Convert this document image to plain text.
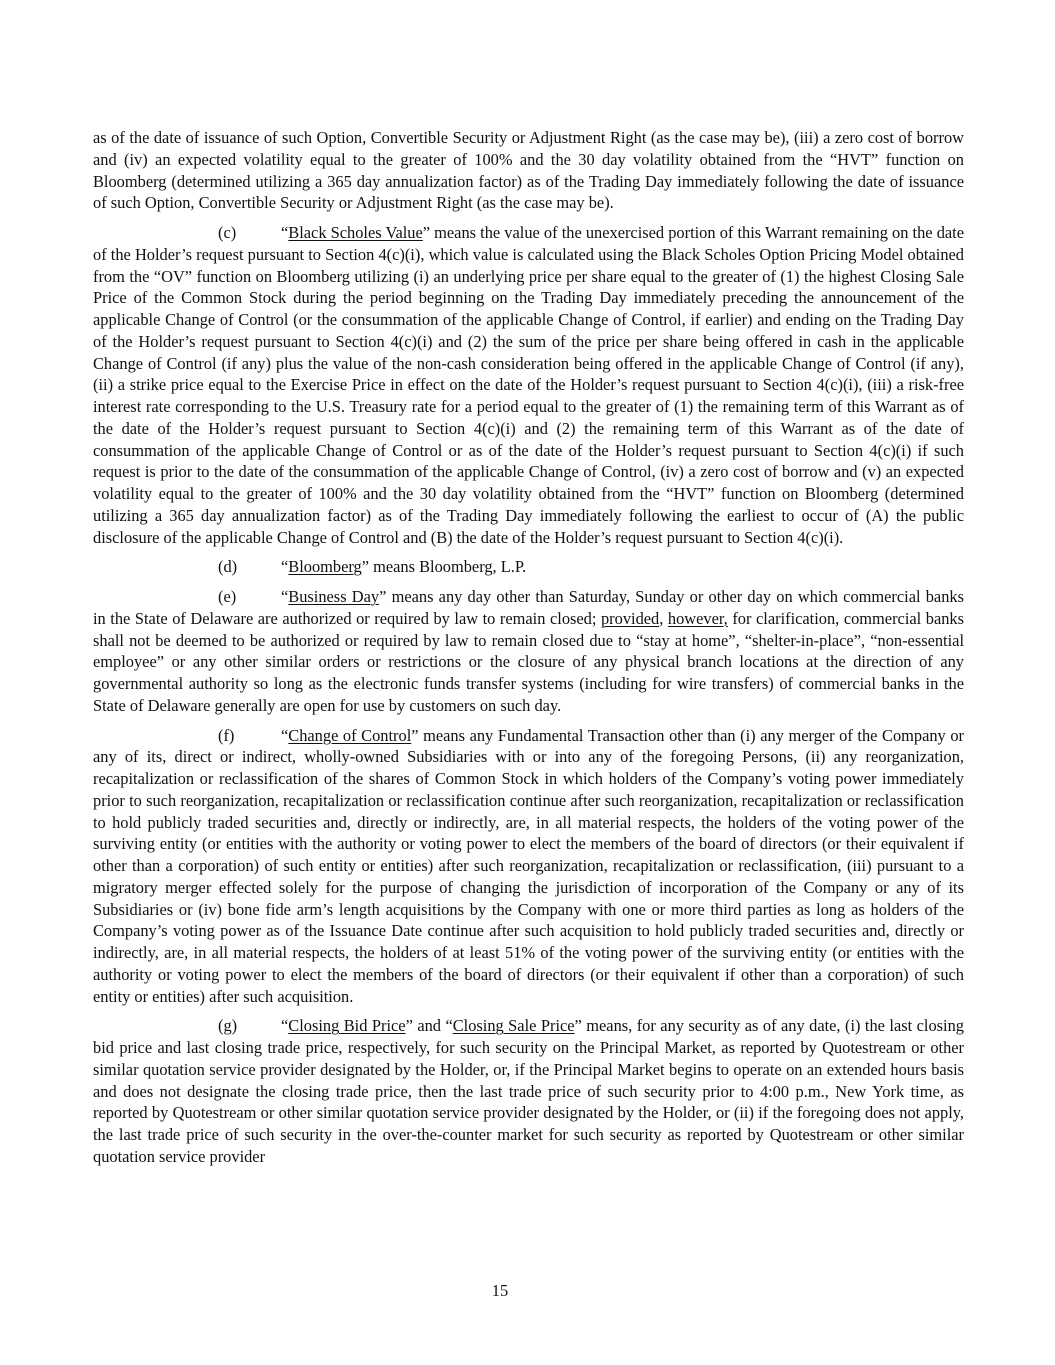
as of the date of issuance of such Option, Convertible Security or Adjustment Right (as the case may be), (iii) a zero cost of borrow and (iv) an expected volatility equal to the greater of 100% and the 30 day volatility obtained from the “HVT” function on Bloomberg (determined utilizing a 365 day annualization factor) as of the Trading Day immediately following the date of issuance of such Option, Convertible Security or Adjustment Right (as the case may be).

(c)	“Black Scholes Value” means the value of the unexercised portion of this Warrant remaining on the date of the Holder’s request pursuant to Section 4(c)(i), which value is calculated using the Black Scholes Option Pricing Model obtained from the “OV” function on Bloomberg utilizing (i) an underlying price per share equal to the greater of (1) the highest Closing Sale Price of the Common Stock during the period beginning on the Trading Day immediately preceding the announcement of the applicable Change of Control (or the consummation of the applicable Change of Control, if earlier) and ending on the Trading Day of the Holder’s request pursuant to Section 4(c)(i) and (2) the sum of the price per share being offered in cash in the applicable Change of Control (if any) plus the value of the non-cash consideration being offered in the applicable Change of Control (if any), (ii) a strike price equal to the Exercise Price in effect on the date of the Holder’s request pursuant to Section 4(c)(i), (iii) a risk-free interest rate corresponding to the U.S. Treasury rate for a period equal to the greater of (1) the remaining term of this Warrant as of the date of the Holder’s request pursuant to Section 4(c)(i) and (2) the remaining term of this Warrant as of the date of consummation of the applicable Change of Control or as of the date of the Holder’s request pursuant to Section 4(c)(i) if such request is prior to the date of the consummation of the applicable Change of Control, (iv) a zero cost of borrow and (v) an expected volatility equal to the greater of 100% and the 30 day volatility obtained from the “HVT” function on Bloomberg (determined utilizing a 365 day annualization factor) as of the Trading Day immediately following the earliest to occur of (A) the public disclosure of the applicable Change of Control and (B) the date of the Holder’s request pursuant to Section 4(c)(i).

(d)	“Bloomberg” means Bloomberg, L.P.

(e)	“Business Day” means any day other than Saturday, Sunday or other day on which commercial banks in the State of Delaware are authorized or required by law to remain closed; provided, however, for clarification, commercial banks shall not be deemed to be authorized or required by law to remain closed due to “stay at home”, “shelter-in-place”, “non-essential employee” or any other similar orders or restrictions or the closure of any physical branch locations at the direction of any governmental authority so long as the electronic funds transfer systems (including for wire transfers) of commercial banks in the State of Delaware generally are open for use by customers on such day.

(f)	“Change of Control” means any Fundamental Transaction other than (i) any merger of the Company or any of its, direct or indirect, wholly-owned Subsidiaries with or into any of the foregoing Persons, (ii) any reorganization, recapitalization or reclassification of the shares of Common Stock in which holders of the Company’s voting power immediately prior to such reorganization, recapitalization or reclassification continue after such reorganization, recapitalization or reclassification to hold publicly traded securities and, directly or indirectly, are, in all material respects, the holders of the voting power of the surviving entity (or entities with the authority or voting power to elect the members of the board of directors (or their equivalent if other than a corporation) of such entity or entities) after such reorganization, recapitalization or reclassification, (iii) pursuant to a migratory merger effected solely for the purpose of changing the jurisdiction of incorporation of the Company or any of its Subsidiaries or (iv) bone fide arm’s length acquisitions by the Company with one or more third parties as long as holders of the Company’s voting power as of the Issuance Date continue after such acquisition to hold publicly traded securities and, directly or indirectly, are, in all material respects, the holders of at least 51% of the voting power of the surviving entity (or entities with the authority or voting power to elect the members of the board of directors (or their equivalent if other than a corporation) of such entity or entities) after such acquisition.

(g)	“Closing Bid Price” and “Closing Sale Price” means, for any security as of any date, (i) the last closing bid price and last closing trade price, respectively, for such security on the Principal Market, as reported by Quotestream or other similar quotation service provider designated by the Holder, or, if the Principal Market begins to operate on an extended hours basis and does not designate the closing trade price, then the last trade price of such security prior to 4:00 p.m., New York time, as reported by Quotestream or other similar quotation service provider designated by the Holder, or (ii) if the foregoing does not apply, the last trade price of such security in the over-the-counter market for such security as reported by Quotestream or other similar quotation service provider

15
